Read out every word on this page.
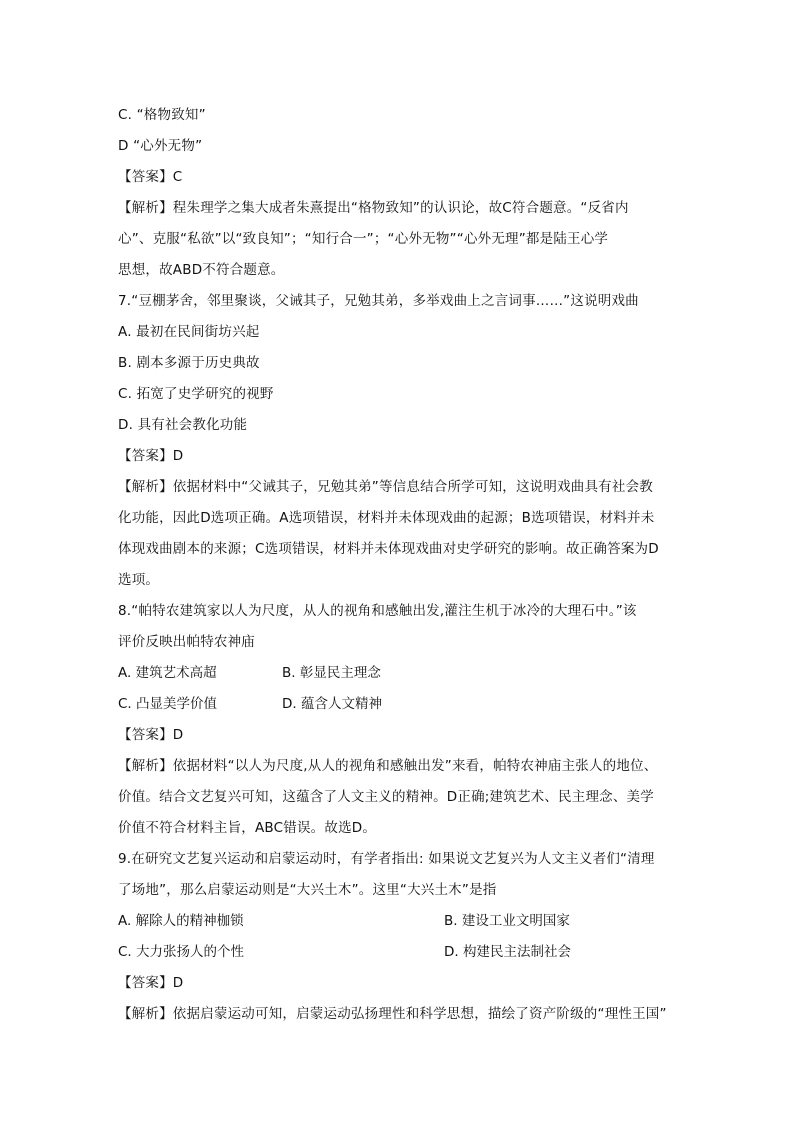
C. “格物致知”
D “心外无物”
【答案】C
【解析】程朱理学之集大成者朱熹提出“格物致知”的认识论，故C符合题意。“反省内
心”、克服“私欲”以“致良知”；“知行合一”；“心外无物”“心外无理”都是陆王心学
思想，故ABD不符合题意。
7.“豆棚茅舍，邻里聚谈，父诫其子，兄勉其弟，多举戏曲上之言词事……”这说明戏曲
A. 最初在民间街坊兴起
B. 剧本多源于历史典故
C. 拓宽了史学研究的视野
D. 具有社会教化功能
【答案】D
【解析】依据材料中“父诫其子，兄勉其弟”等信息结合所学可知，这说明戏曲具有社会教
化功能，因此D选项正确。A选项错误，材料并未体现戏曲的起源；B选项错误，材料并未
体现戏曲剧本的来源；C选项错误，材料并未体现戏曲对史学研究的影响。故正确答案为D
选项。
8.“帕特农建筑家以人为尺度，从人的视角和感触出发,灌注生机于冰冷的大理石中。”该
评价反映出帕特农神庙
A. 建筑艺术高超	B. 彰显民主理念
C. 凸显美学价值	D. 蕴含人文精神
【答案】D
【解析】依据材料“以人为尺度,从人的视角和感触出发”来看，帕特农神庙主张人的地位、
价值。结合文艺复兴可知，这蕴含了人文主义的精神。D正确;建筑艺术、民主理念、美学
价值不符合材料主旨，ABC错误。故选D。
9.在研究文艺复兴运动和启蒙运动时，有学者指出: 如果说文艺复兴为人文主义者们“清理
了场地”，那么启蒙运动则是“大兴土木”。这里“大兴土木”是指
A. 解除人的精神枷锁	B. 建设工业文明国家
C. 大力张扬人的个性	D. 构建民主法制社会
【答案】D
【解析】依据启蒙运动可知，启蒙运动弘扬理性和科学思想，描绘了资产阶级的“理性王国”
